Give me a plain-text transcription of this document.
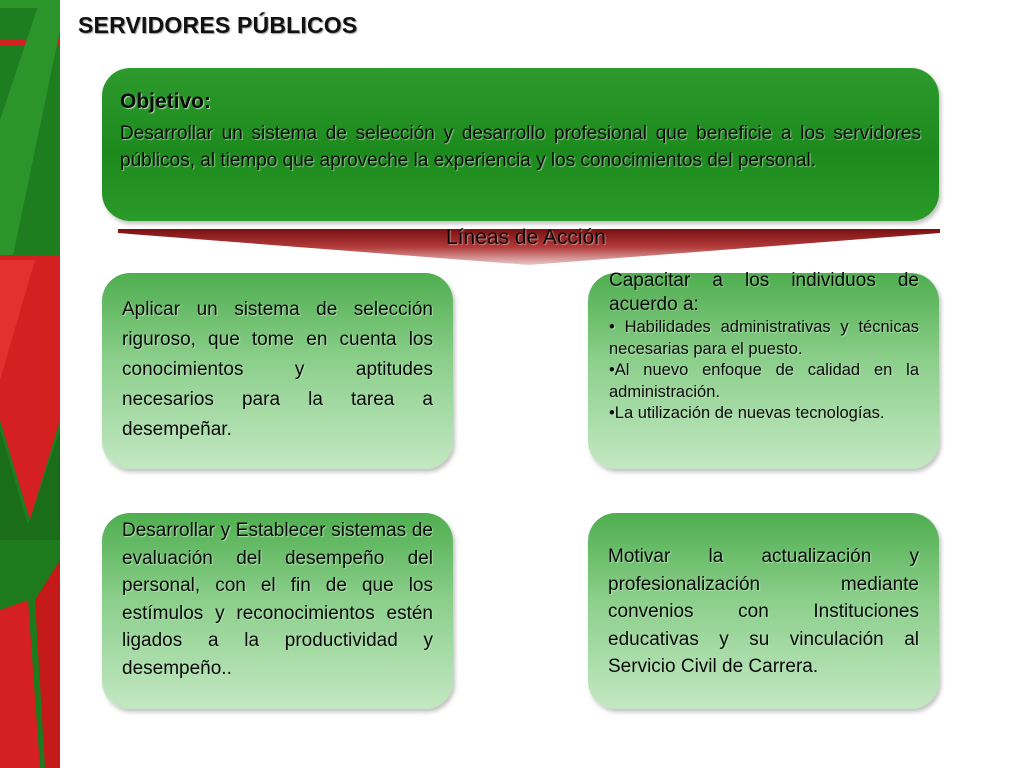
SERVIDORES PÚBLICOS
Objetivo:
Desarrollar un sistema de selección y desarrollo profesional que beneficie a los servidores públicos, al tiempo que aproveche la experiencia y los conocimientos del personal.
Líneas de Acción
Aplicar un sistema de selección riguroso, que tome en cuenta los conocimientos y aptitudes necesarios para la tarea a desempeñar.
Capacitar a los individuos de acuerdo a:
• Habilidades administrativas y técnicas necesarias para el puesto.
•Al nuevo enfoque de calidad en la administración.
•La utilización de nuevas tecnologías.
Desarrollar y Establecer sistemas de evaluación del desempeño del personal, con el fin de que los estímulos y reconocimientos estén ligados a la productividad y desempeño..
Motivar la actualización y profesionalización mediante convenios con Instituciones educativas y su vinculación al Servicio Civil de Carrera.
